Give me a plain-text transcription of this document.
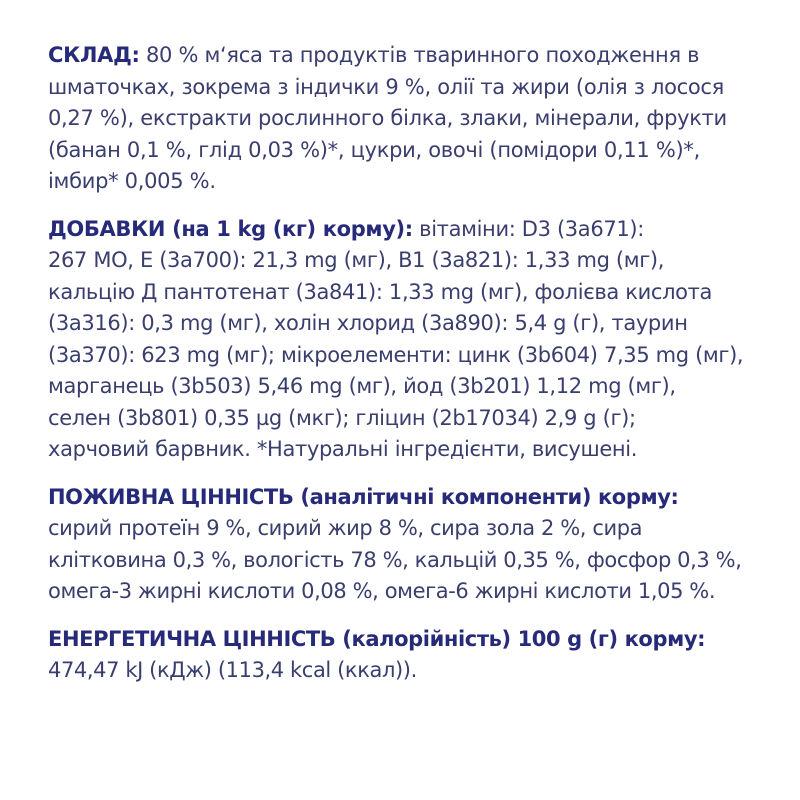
СКЛАД: 80 % м‘яса та продуктів тваринного походження в
шматочках, зокрема з індички 9 %, олії та жири (олія з лосося
0,27 %), екстракти рослинного білка, злаки, мінерали, фрукти
(банан 0,1 %, глід 0,03 %)*, цукри, овочі (помідори 0,11 %)*,
імбир* 0,005 %.
ДОБАВКИ (на 1 kg (кг) корму): вітаміни: D3 (3a671):
267 МО, Е (3а700): 21,3 mg (мг), В1 (3а821): 1,33 mg (мг),
кальцію Д пантотенат (3а841): 1,33 mg (мг), фолієва кислота
(3а316): 0,3 mg (мг), холін хлорид (3а890): 5,4 g (г), таурин
(3а370): 623 mg (мг); мікроелементи: цинк (3b604) 7,35 mg (мг),
марганець (3b503) 5,46 mg (мг), йод (3b201) 1,12 mg (мг),
селен (3b801) 0,35 µg (мкг); гліцин (2b17034) 2,9 g (г);
харчовий барвник. *Натуральні інгредієнти, висушені.
ПОЖИВНА ЦІННІСТЬ (аналітичні компоненти) корму:
сирий протеїн 9 %, сирий жир 8 %, сира зола 2 %, сира
клітковина 0,3 %, вологість 78 %, кальцій 0,35 %, фосфор 0,3 %,
омега-3 жирні кислоти 0,08 %, омега-6 жирні кислоти 1,05 %.
ЕНЕРГЕТИЧНА ЦІННІСТЬ (калорійність) 100 g (г) корму:
474,47 kJ (кДж) (113,4 kcal (ккал)).
